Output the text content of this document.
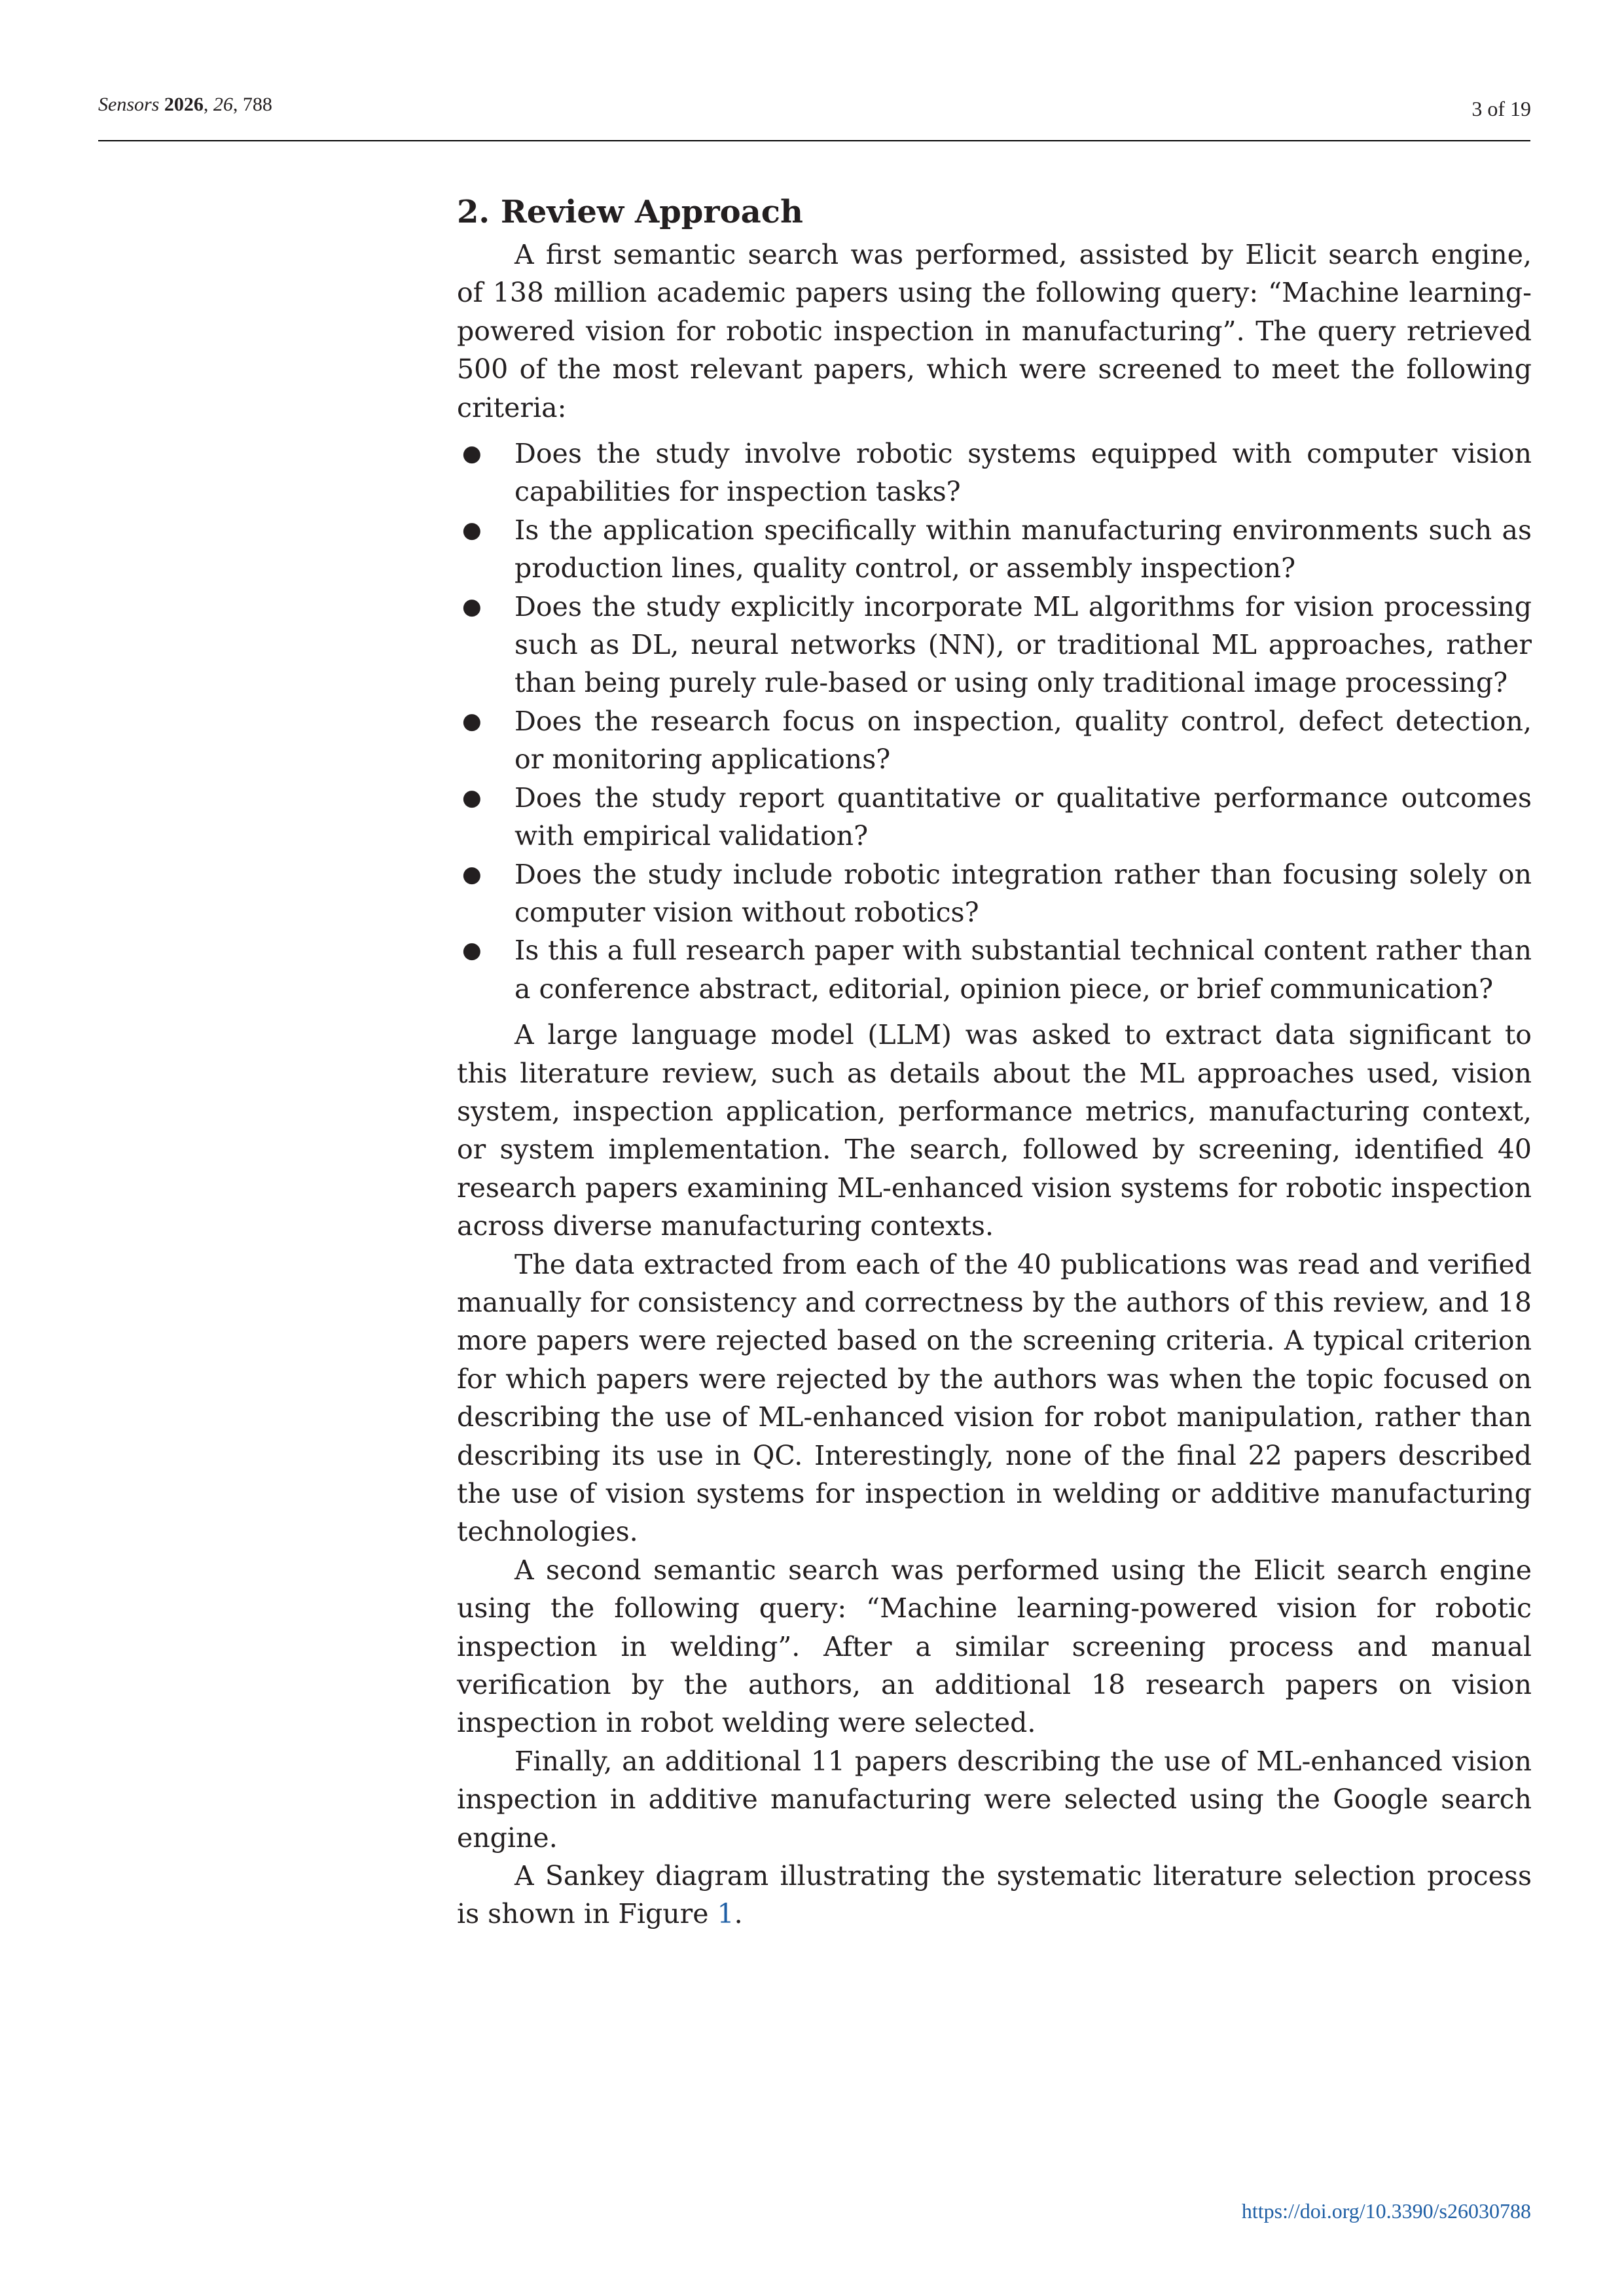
Sensors 2026, 26, 788	3 of 19
2. Review Approach

A first semantic search was performed, assisted by Elicit search engine, of 138 million academic papers using the following query: “Machine learning-powered vision for robotic inspection in manufacturing”. The query retrieved 500 of the most relevant papers, which were screened to meet the following criteria:

● Does the study involve robotic systems equipped with computer vision capabilities for inspection tasks?
● Is the application specifically within manufacturing environments such as production lines, quality control, or assembly inspection?
● Does the study explicitly incorporate ML algorithms for vision processing such as DL, neural networks (NN), or traditional ML approaches, rather than being purely rule-based or using only traditional image processing?
● Does the research focus on inspection, quality control, defect detection, or monitoring applications?
● Does the study report quantitative or qualitative performance outcomes with empirical validation?
● Does the study include robotic integration rather than focusing solely on computer vision without robotics?
● Is this a full research paper with substantial technical content rather than a conference abstract, editorial, opinion piece, or brief communication?

A large language model (LLM) was asked to extract data significant to this literature review, such as details about the ML approaches used, vision system, inspection application, performance metrics, manufacturing context, or system implementation. The search, followed by screening, identified 40 research papers examining ML-enhanced vision systems for robotic inspection across diverse manufacturing contexts.

The data extracted from each of the 40 publications was read and verified manually for consistency and correctness by the authors of this review, and 18 more papers were rejected based on the screening criteria. A typical criterion for which papers were rejected by the authors was when the topic focused on describing the use of ML-enhanced vision for robot manipulation, rather than describing its use in QC. Interestingly, none of the final 22 papers described the use of vision systems for inspection in welding or additive manufacturing technologies.

A second semantic search was performed using the Elicit search engine using the following query: “Machine learning-powered vision for robotic inspection in welding”. After a similar screening process and manual verification by the authors, an additional 18 research papers on vision inspection in robot welding were selected.

Finally, an additional 11 papers describing the use of ML-enhanced vision inspection in additive manufacturing were selected using the Google search engine.

A Sankey diagram illustrating the systematic literature selection process is shown in Figure 1.

https://doi.org/10.3390/s26030788
